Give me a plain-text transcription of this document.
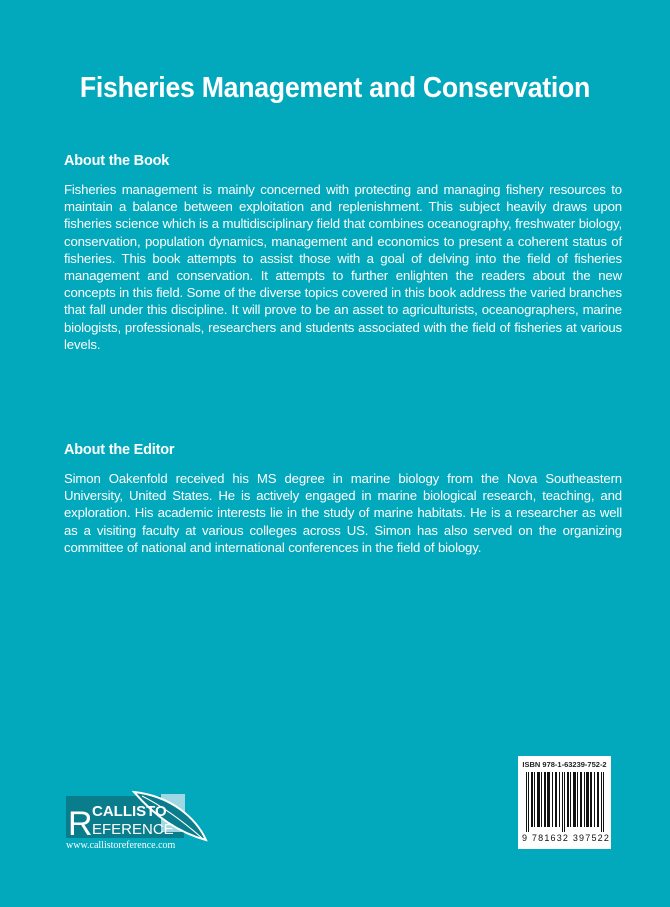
Fisheries Management and Conservation
About the Book

Fisheries management is mainly concerned with protecting and managing fishery resources to maintain a balance between exploitation and replenishment. This subject heavily draws upon fisheries science which is a multidisciplinary field that combines oceanography, freshwater biology, conservation, population dynamics, management and economics to present a coherent status of fisheries. This book attempts to assist those with a goal of delving into the field of fisheries management and conservation. It attempts to further enlighten the readers about the new concepts in this field. Some of the diverse topics covered in this book address the varied branches that fall under this discipline. It will prove to be an asset to agriculturists, oceanographers, marine biologists, professionals, researchers and students associated with the field of fisheries at various levels.

About the Editor

Simon Oakenfold received his MS degree in marine biology from the Nova Southeastern University, United States. He is actively engaged in marine biological research, teaching, and exploration. His academic interests lie in the study of marine habitats. He is a researcher as well as a visiting faculty at various colleges across US. Simon has also served on the organizing committee of national and international conferences in the field of biology.

R CALLISTO
EFERENCE
www.callistoreference.com
ISBN 978-1-63239-752-2
9 781632 397522
